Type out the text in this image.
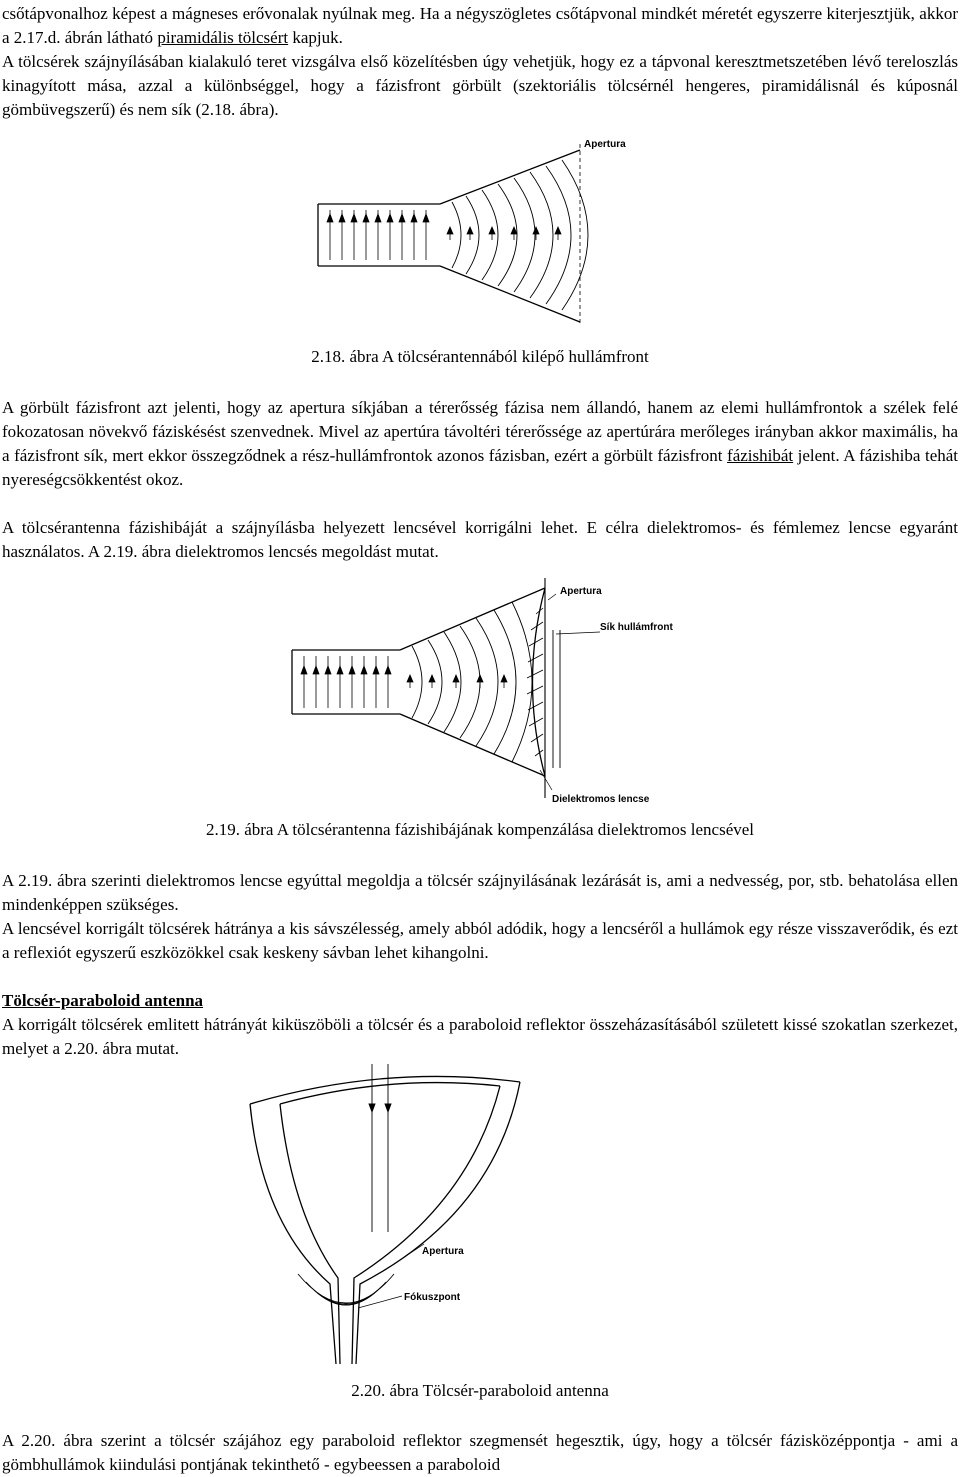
csőtápvonalhoz képest a mágneses erővonalak nyúlnak meg. Ha a négyszögletes csőtápvonal mindkét méretét egyszerre kiterjesztjük, akkor a 2.17.d. ábrán látható piramidális tölcsért kapjuk.

A tölcsérek szájnyílásában kialakuló teret vizsgálva első közelítésben úgy vehetjük, hogy ez a tápvonal keresztmetszetében lévő tereloszlás kinagyított mása, azzal a különbséggel, hogy a fázisfront görbült (szektoriális tölcsérnél hengeres, piramidálisnál és kúposnál gömbüvegszerű) és nem sík (2.18. ábra).

Apertura

2.18. ábra A tölcsérantennából kilépő hullámfront

A görbült fázisfront azt jelenti, hogy az apertura síkjában a térerősség fázisa nem állandó, hanem az elemi hullámfrontok a szélek felé fokozatosan növekvő fáziskésést szenvednek. Mivel az apertúra távoltéri térerőssége az apertúrára merőleges irányban akkor maximális, ha a fázisfront sík, mert ekkor összegződnek a rész-hullámfrontok azonos fázisban, ezért a görbült fázisfront fázishibát jelent. A fázishiba tehát nyereségcsökkentést okoz.

A tölcsérantenna fázishibáját a szájnyílásba helyezett lencsével korrigálni lehet. E célra dielektromos- és fémlemez lencse egyaránt használatos. A 2.19. ábra dielektromos lencsés megoldást mutat.

Apertura
Sík hullámfront
Dielektromos lencse

2.19. ábra A tölcsérantenna fázishibájának kompenzálása dielektromos lencsével

A 2.19. ábra szerinti dielektromos lencse egyúttal megoldja a tölcsér szájnyilásának lezárását is, ami a nedvesség, por, stb. behatolása ellen mindenképpen szükséges.

A lencsével korrigált tölcsérek hátránya a kis sávszélesség, amely abból adódik, hogy a lencséről a hullámok egy része visszaverődik, és ezt a reflexiót egyszerű eszközökkel csak keskeny sávban lehet kihangolni.

Tölcsér-paraboloid antenna

A korrigált tölcsérek emlitett hátrányát kiküszöböli a tölcsér és a paraboloid reflektor összeházasításából született kissé szokatlan szerkezet, melyet a 2.20. ábra mutat.

Apertura
Fókuszpont

2.20. ábra Tölcsér-paraboloid antenna

A 2.20. ábra szerint a tölcsér szájához egy paraboloid reflektor szegmensét hegesztik, úgy, hogy a tölcsér fázisközéppontja - ami a gömbhullámok kiindulási pontjának tekinthető - egybeessen a paraboloid
